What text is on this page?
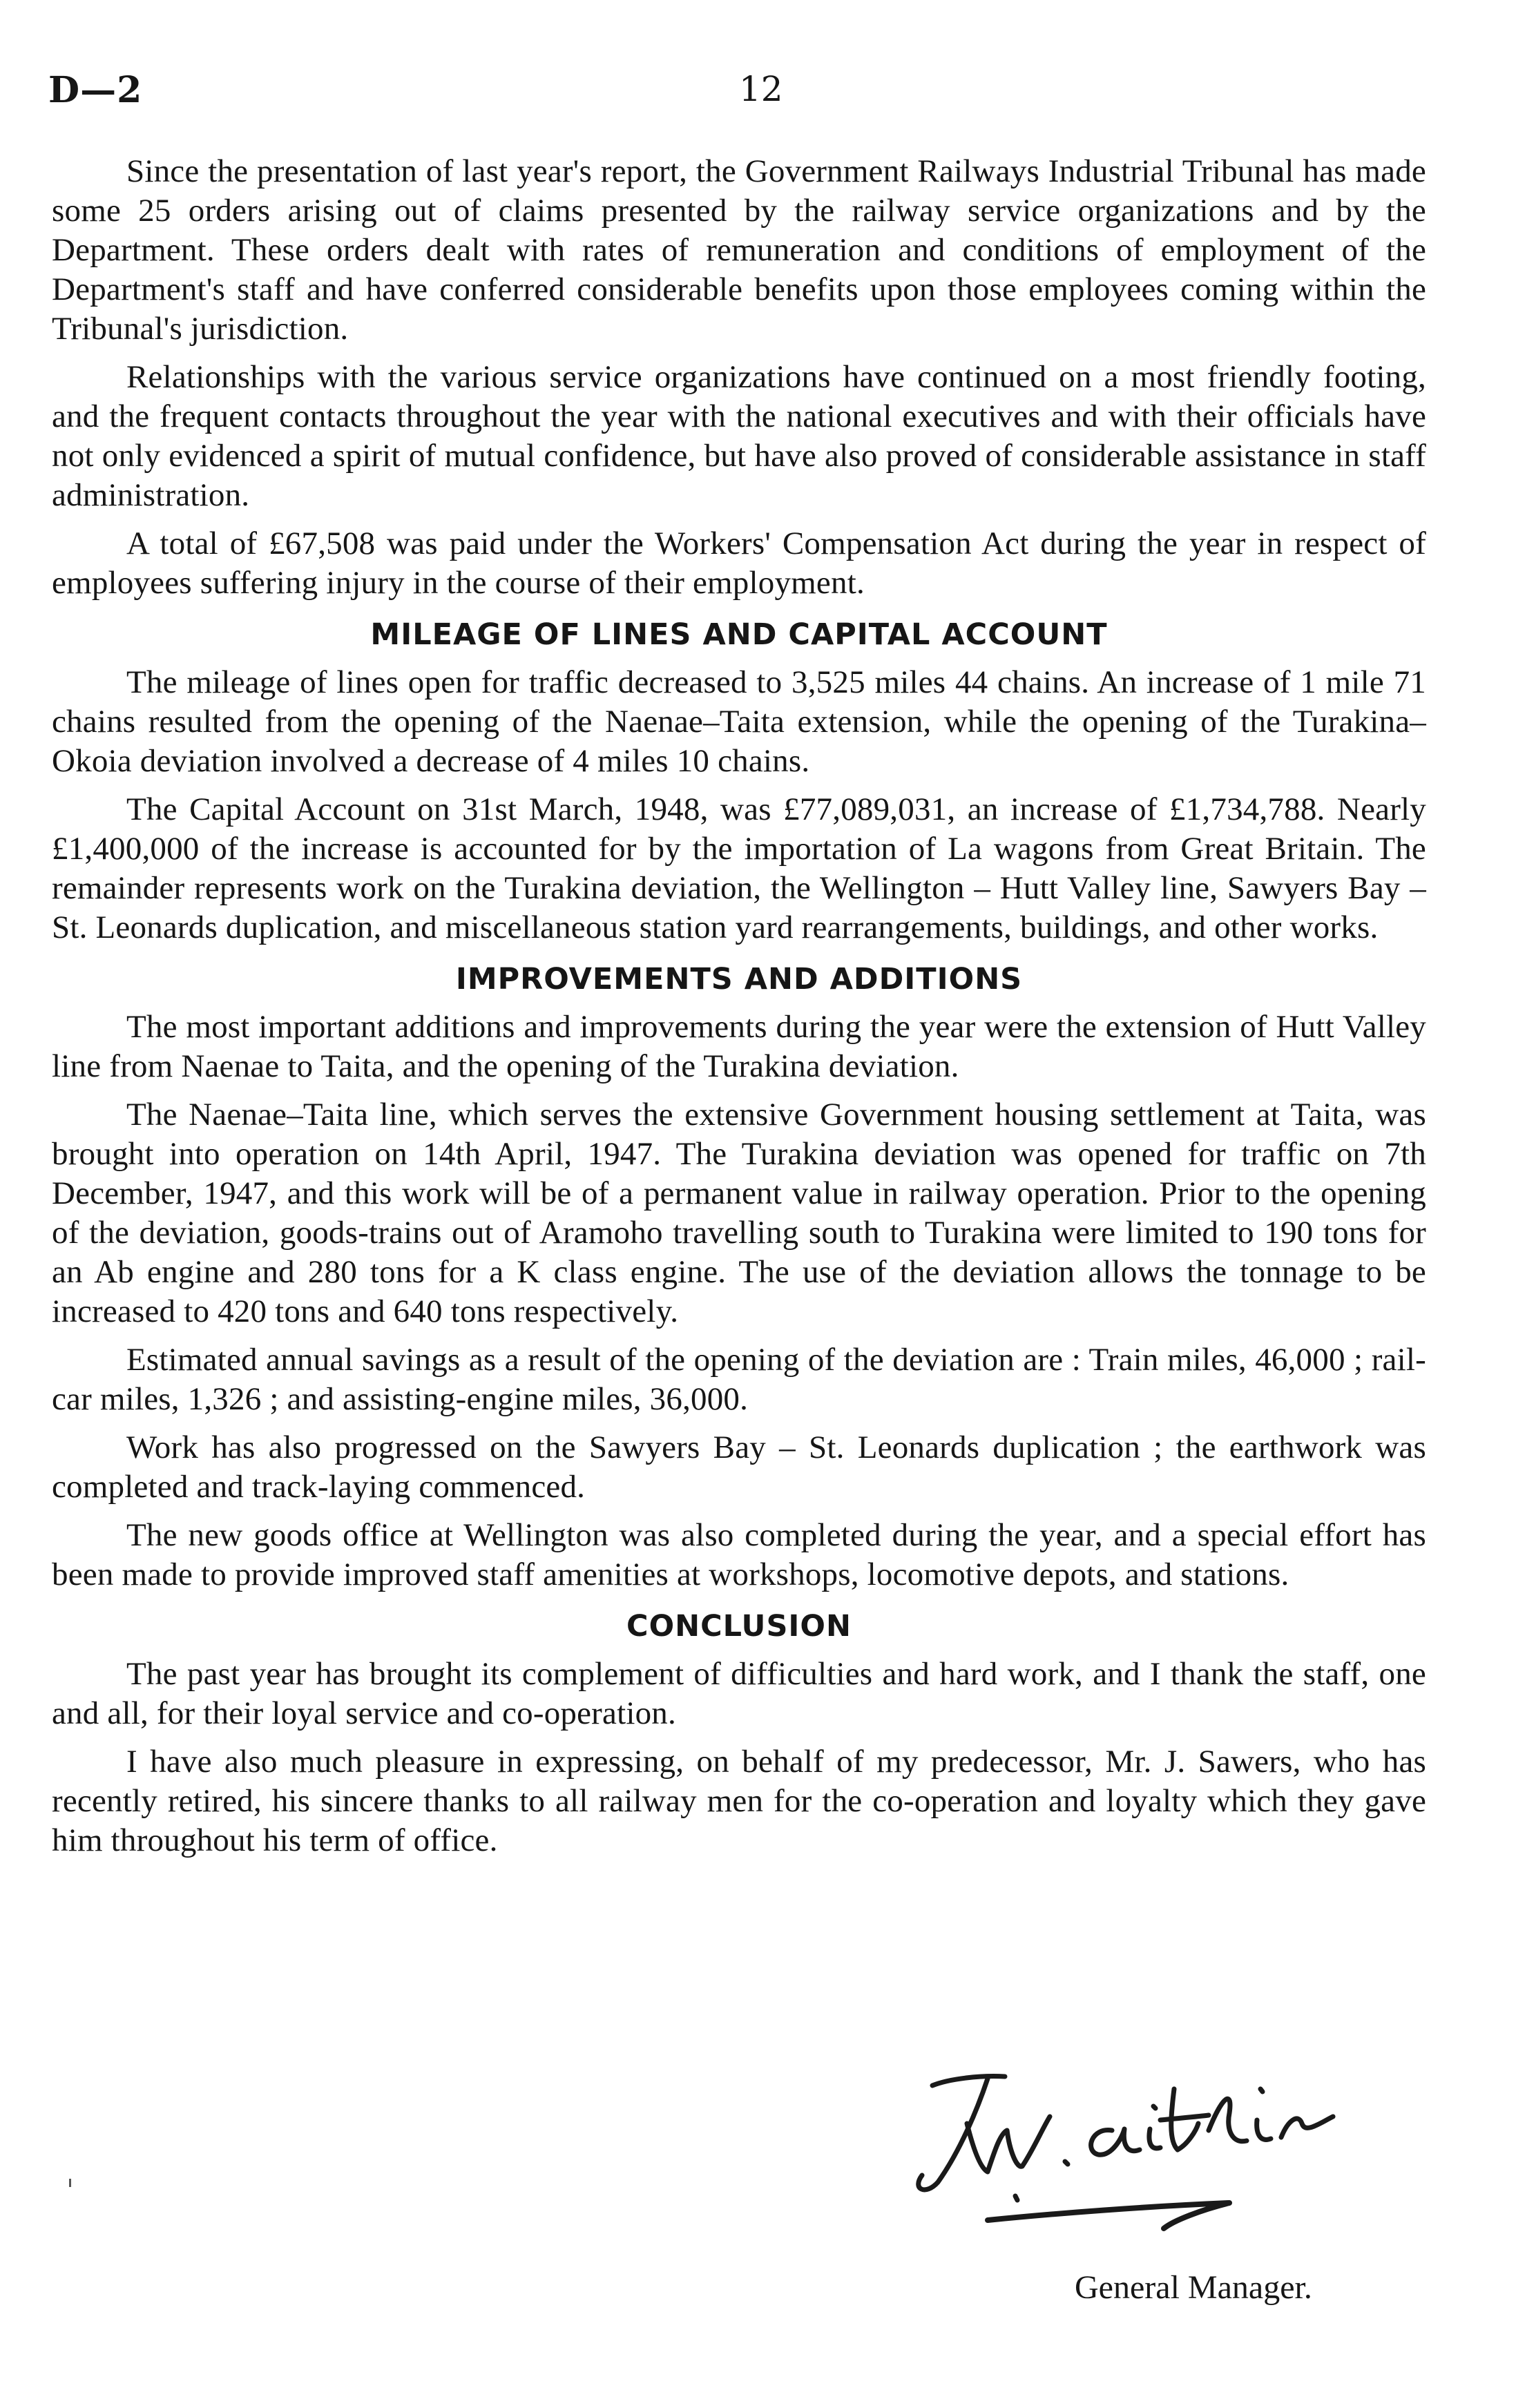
D—2	12

Since the presentation of last year's report, the Government Railways Industrial Tribunal has made some 25 orders arising out of claims presented by the railway service organizations and by the Department. These orders dealt with rates of remuneration and conditions of employment of the Department's staff and have conferred considerable benefits upon those employees coming within the Tribunal's jurisdiction.

Relationships with the various service organizations have continued on a most friendly footing, and the frequent contacts throughout the year with the national executives and with their officials have not only evidenced a spirit of mutual confidence, but have also proved of considerable assistance in staff administration.

A total of £67,508 was paid under the Workers' Compensation Act during the year in respect of employees suffering injury in the course of their employment.

MILEAGE OF LINES AND CAPITAL ACCOUNT

The mileage of lines open for traffic decreased to 3,525 miles 44 chains. An increase of 1 mile 71 chains resulted from the opening of the Naenae–Taita extension, while the opening of the Turakina–Okoia deviation involved a decrease of 4 miles 10 chains.

The Capital Account on 31st March, 1948, was £77,089,031, an increase of £1,734,788. Nearly £1,400,000 of the increase is accounted for by the importation of La wagons from Great Britain. The remainder represents work on the Turakina deviation, the Wellington – Hutt Valley line, Sawyers Bay – St. Leonards duplication, and miscellaneous station yard rearrangements, buildings, and other works.

IMPROVEMENTS AND ADDITIONS

The most important additions and improvements during the year were the extension of Hutt Valley line from Naenae to Taita, and the opening of the Turakina deviation.

The Naenae–Taita line, which serves the extensive Government housing settlement at Taita, was brought into operation on 14th April, 1947. The Turakina deviation was opened for traffic on 7th December, 1947, and this work will be of a permanent value in railway operation. Prior to the opening of the deviation, goods-trains out of Aramoho travelling south to Turakina were limited to 190 tons for an Ab engine and 280 tons for a K class engine. The use of the deviation allows the tonnage to be increased to 420 tons and 640 tons respectively.

Estimated annual savings as a result of the opening of the deviation are : Train miles, 46,000 ; rail-car miles, 1,326 ; and assisting-engine miles, 36,000.

Work has also progressed on the Sawyers Bay – St. Leonards duplication ; the earthwork was completed and track-laying commenced.

The new goods office at Wellington was also completed during the year, and a special effort has been made to provide improved staff amenities at workshops, locomotive depots, and stations.

CONCLUSION

The past year has brought its complement of difficulties and hard work, and I thank the staff, one and all, for their loyal service and co-operation.

I have also much pleasure in expressing, on behalf of my predecessor, Mr. J. Sawers, who has recently retired, his sincere thanks to all railway men for the co-operation and loyalty which they gave him throughout his term of office.

General Manager.
